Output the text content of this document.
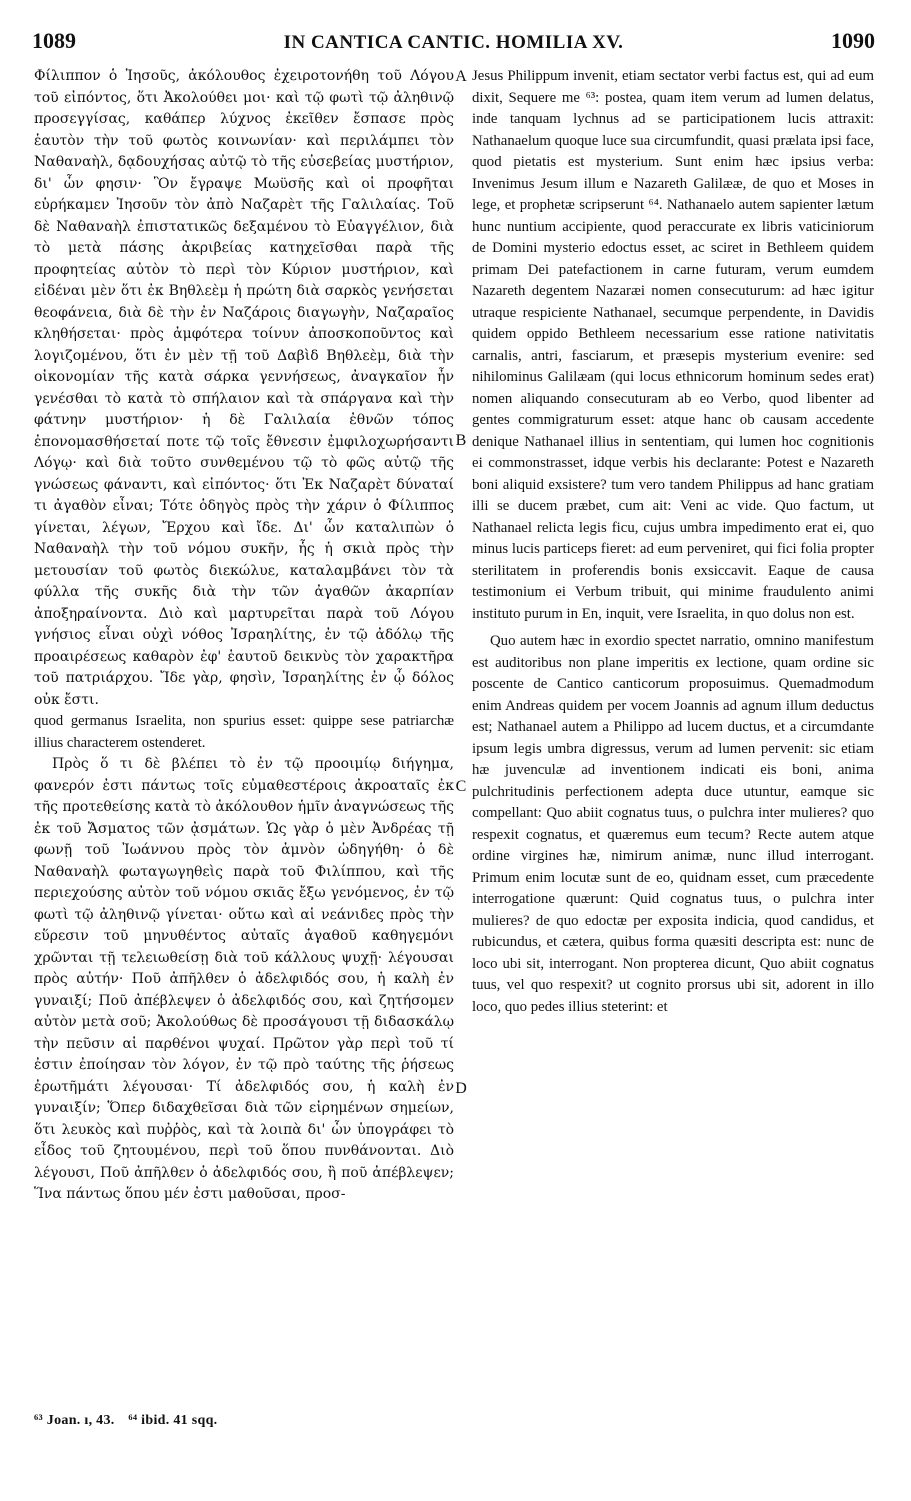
1089	IN CANTICA CANTIC. HOMILIA XV.	1090

Φίλιππον ὁ Ἰησοῦς, ἀκόλουθος ἐχειροτονήθη τοῦ Λόγου τοῦ εἰπόντος, ὅτι Ἀκολούθει μοι· καὶ τῷ φωτὶ τῷ ἀληθινῷ προσεγγίσας, καθάπερ λύχνος ἐκεῖθεν ἔσπασε πρὸς ἑαυτὸν τὴν τοῦ φωτὸς κοινωνίαν· καὶ περιλάμπει τὸν Ναθαναὴλ, δᾳδουχήσας αὐτῷ τὸ τῆς εὐσεβείας μυστήριον, δι' ὧν φησιν· Ὃν ἔγραψε Μωϋσῆς καὶ οἱ προφῆται εὑρήκαμεν Ἰησοῦν τὸν ἀπὸ Ναζαρὲτ τῆς Γαλιλαίας. Τοῦ δὲ Ναθαναὴλ ἐπιστατικῶς δεξαμένου τὸ Εὐαγγέλιον, διὰ τὸ μετὰ πάσης ἀκριβείας κατηχεῖσθαι παρὰ τῆς προφητείας αὐτὸν τὸ περὶ τὸν Κύριον μυστήριον, καὶ εἰδέναι μὲν ὅτι ἐκ Βηθλεὲμ ἡ πρώτη διὰ σαρκὸς γενήσεται θεοφάνεια, διὰ δὲ τὴν ἐν Ναζάροις διαγωγὴν, Ναζαραῖος κληθήσεται· πρὸς ἀμφότερα τοίνυν ἀποσκοποῦντος καὶ λογιζομένου, ὅτι ἐν μὲν τῇ τοῦ Δαβὶδ Βηθλεὲμ, διὰ τὴν οἰκονομίαν τῆς κατὰ σάρκα γεννήσεως, ἀναγκαῖον ἦν γενέσθαι τὸ κατὰ τὸ σπήλαιον καὶ τὰ σπάργανα καὶ τὴν φάτνην μυστήριον· ἡ δὲ Γαλιλαία ἐθνῶν τόπος ἐπονομασθήσεταί ποτε τῷ τοῖς ἔθνεσιν ἐμφιλοχωρήσαντι Λόγῳ· καὶ διὰ τοῦτο συνθεμένου τῷ τὸ φῶς αὐτῷ τῆς γνώσεως φάναντι, καὶ εἰπόντος· ὅτι Ἐκ Ναζαρὲτ δύναταί τι ἀγαθὸν εἶναι; Τότε ὁδηγὸς πρὸς τὴν χάριν ὁ Φίλιππος γίνεται, λέγων, Ἔρχου καὶ ἴδε. Δι' ὧν καταλιπὼν ὁ Ναθαναὴλ τὴν τοῦ νόμου συκῆν, ἧς ἡ σκιὰ πρὸς τὴν μετουσίαν τοῦ φωτὸς διεκώλυε, καταλαμβάνει τὸν τὰ φύλλα τῆς συκῆς διὰ τὴν τῶν ἀγαθῶν ἀκαρπίαν ἀποξηραίνοντα. Διὸ καὶ μαρτυρεῖται παρὰ τοῦ Λόγου γνήσιος εἶναι οὐχὶ νόθος Ἰσραηλίτης, ἐν τῷ ἀδόλῳ τῆς προαιρέσεως καθαρὸν ἐφ' ἑαυτοῦ δεικνὺς τὸν χαρακτῆρα τοῦ πατριάρχου. Ἴδε γὰρ, φησὶν, Ἰσραηλίτης ἐν ᾧ δόλος οὐκ ἔστι.

quod germanus Israelita, non spurius esset: quippe sese patriarchæ illius characterem ostenderet.

Πρὸς ὅ τι δὲ βλέπει τὸ ἐν τῷ προοιμίῳ διήγημα, φανερόν ἐστι πάντως τοῖς εὐμαθεστέροις ἀκροαταῖς ἐκ τῆς προτεθείσης κατὰ τὸ ἀκόλουθον ἡμῖν ἀναγνώσεως τῆς ἐκ τοῦ Ἄσματος τῶν ᾀσμάτων. Ὡς γὰρ ὁ μὲν Ἀνδρέας τῇ φωνῇ τοῦ Ἰωάννου πρὸς τὸν ἀμνὸν ὡδηγήθη· ὁ δὲ Ναθαναὴλ φωταγωγηθεὶς παρὰ τοῦ Φιλίππου, καὶ τῆς περιεχούσης αὐτὸν τοῦ νόμου σκιᾶς ἔξω γενόμενος, ἐν τῷ φωτὶ τῷ ἀληθινῷ γίνεται· οὕτω καὶ αἱ νεάνιδες πρὸς τὴν εὕρεσιν τοῦ μηνυθέντος αὐταῖς ἀγαθοῦ καθηγεμόνι χρῶνται τῇ τελειωθείσῃ διὰ τοῦ κάλλους ψυχῇ· λέγουσαι πρὸς αὐτήν· Ποῦ ἀπῆλθεν ὁ ἀδελφιδός σου, ἡ καλὴ ἐν γυναιξί; Ποῦ ἀπέβλεψεν ὁ ἀδελφιδός σου, καὶ ζητήσομεν αὐτὸν μετὰ σοῦ; Ἀκολούθως δὲ προσάγουσι τῇ διδασκάλῳ τὴν πεῦσιν αἱ παρθένοι ψυχαί. Πρῶτον γὰρ περὶ τοῦ τί ἐστιν ἐποίησαν τὸν λόγον, ἐν τῷ πρὸ ταύτης τῆς ῥήσεως ἐρωτῆμάτι λέγουσαι· Τί ἀδελφιδός σου, ἡ καλὴ ἐν γυναιξίν; Ὅπερ διδαχθεῖσαι διὰ τῶν εἰρημένων σημείων, ὅτι λευκὸς καὶ πυῤῥὸς, καὶ τὰ λοιπὰ δι' ὧν ὑπογράφει τὸ εἶδος τοῦ ζητουμένου, περὶ τοῦ ὅπου πυνθάνονται. Διὸ λέγουσι, Ποῦ ἀπῆλθεν ὁ ἀδελφιδός σου, ἢ ποῦ ἀπέβλεψεν; Ἵνα πάντως ὅπου μέν ἐστι μαθοῦσαι, προσ-

A
B
C
D

Jesus Philippum invenit, etiam sectator verbi factus est, qui ad eum dixit, Sequere me ⁶³: postea, quam item verum ad lumen delatus, inde tanquam lychnus ad se participationem lucis attraxit: Nathanaelum quoque luce sua circumfundit, quasi prælata ipsi face, quod pietatis est mysterium. Sunt enim hæc ipsius verba: Invenimus Jesum illum e Nazareth Galilææ, de quo et Moses in lege, et prophetæ scripserunt ⁶⁴. Nathanaelo autem sapienter lætum hunc nuntium accipiente, quod peraccurate ex libris vaticiniorum de Domini mysterio edoctus esset, ac sciret in Bethleem quidem primam Dei patefactionem in carne futuram, verum eumdem Nazareth degentem Nazaræi nomen consecuturum: ad hæc igitur utraque respiciente Nathanael, secumque perpendente, in Davidis quidem oppido Bethleem necessarium esse ratione nativitatis carnalis, antri, fasciarum, et præsepis mysterium evenire: sed nihilominus Galilæam (qui locus ethnicorum hominum sedes erat) nomen aliquando consecuturam ab eo Verbo, quod libenter ad gentes commigraturum esset: atque hanc ob causam accedente denique Nathanael illius in sententiam, qui lumen hoc cognitionis ei commonstrasset, idque verbis his declarante: Potest e Nazareth boni aliquid exsistere? tum vero tandem Philippus ad hanc gratiam illi se ducem præbet, cum ait: Veni ac vide. Quo factum, ut Nathanael relicta legis ficu, cujus umbra impedimento erat ei, quo minus lucis particeps fieret: ad eum perveniret, qui fici folia propter sterilitatem in proferendis bonis exsiccavit. Eaque de causa testimonium ei Verbum tribuit, qui minime fraudulento animi instituto purum in En, inquit, vere Israelita, in quo dolus non est.

Quo autem hæc in exordio spectet narratio, omnino manifestum est auditoribus non plane imperitis ex lectione, quam ordine sic poscente de Cantico canticorum proposuimus. Quemadmodum enim Andreas quidem per vocem Joannis ad agnum illum deductus est; Nathanael autem a Philippo ad lucem ductus, et a circumdante ipsum legis umbra digressus, verum ad lumen pervenit: sic etiam hæ juvenculæ ad inventionem indicati eis boni, anima pulchritudinis perfectionem adepta duce utuntur, eamque sic compellant: Quo abiit cognatus tuus, o pulchra inter mulieres? quo respexit cognatus, et quæremus eum tecum? Recte autem atque ordine virgines hæ, nimirum animæ, nunc illud interrogant. Primum enim locutæ sunt de eo, quidnam esset, cum præcedente interrogatione quærunt: Quid cognatus tuus, o pulchra inter mulieres? de quo edoctæ per exposita indicia, quod candidus, et rubicundus, et cætera, quibus forma quæsiti descripta est: nunc de loco ubi sit, interrogant. Non propterea dicunt, Quo abiit cognatus tuus, vel quo respexit? ut cognito prorsus ubi sit, adorent in illo loco, quo pedes illius steterint: et

⁶³ Joan. ı, 43. ⁶⁴ ibid. 41 sqq.
